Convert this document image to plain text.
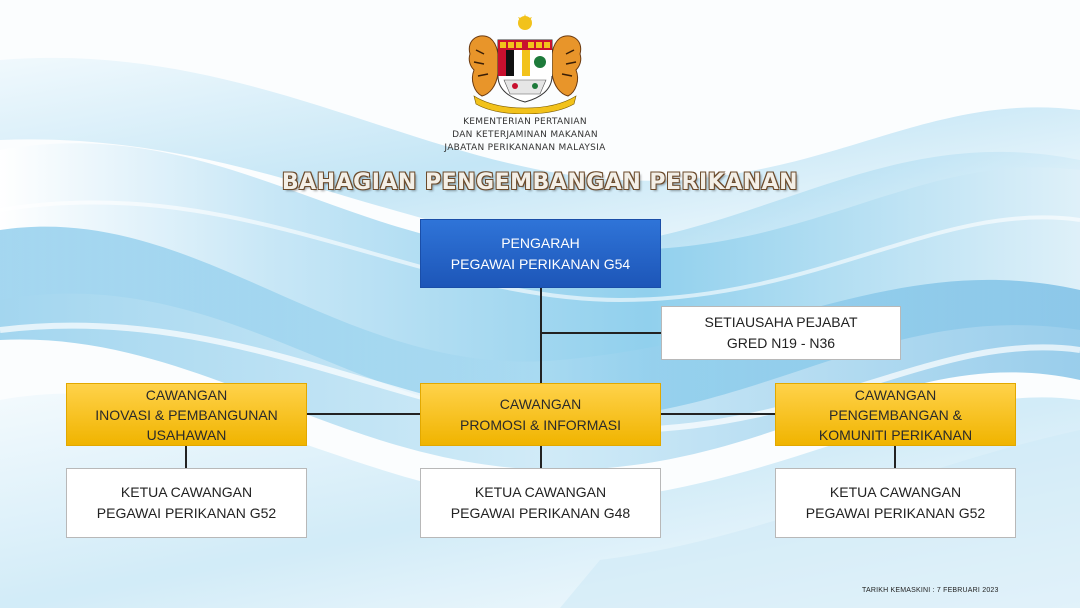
KEMENTERIAN PERTANIAN
DAN KETERJAMINAN MAKANAN
JABATAN PERIKANANAN MALAYSIA
BAHAGIAN PENGEMBANGAN PERIKANAN
PENGARAH
PEGAWAI PERIKANAN G54
SETIAUSAHA PEJABAT
GRED N19 - N36
CAWANGAN
INOVASI & PEMBANGUNAN
USAHAWAN
CAWANGAN
PROMOSI & INFORMASI
CAWANGAN
PENGEMBANGAN &
KOMUNITI PERIKANAN
KETUA CAWANGAN
PEGAWAI PERIKANAN G52
KETUA CAWANGAN
PEGAWAI PERIKANAN G48
KETUA CAWANGAN
PEGAWAI PERIKANAN G52
TARIKH KEMASKINI : 7 FEBRUARI 2023
